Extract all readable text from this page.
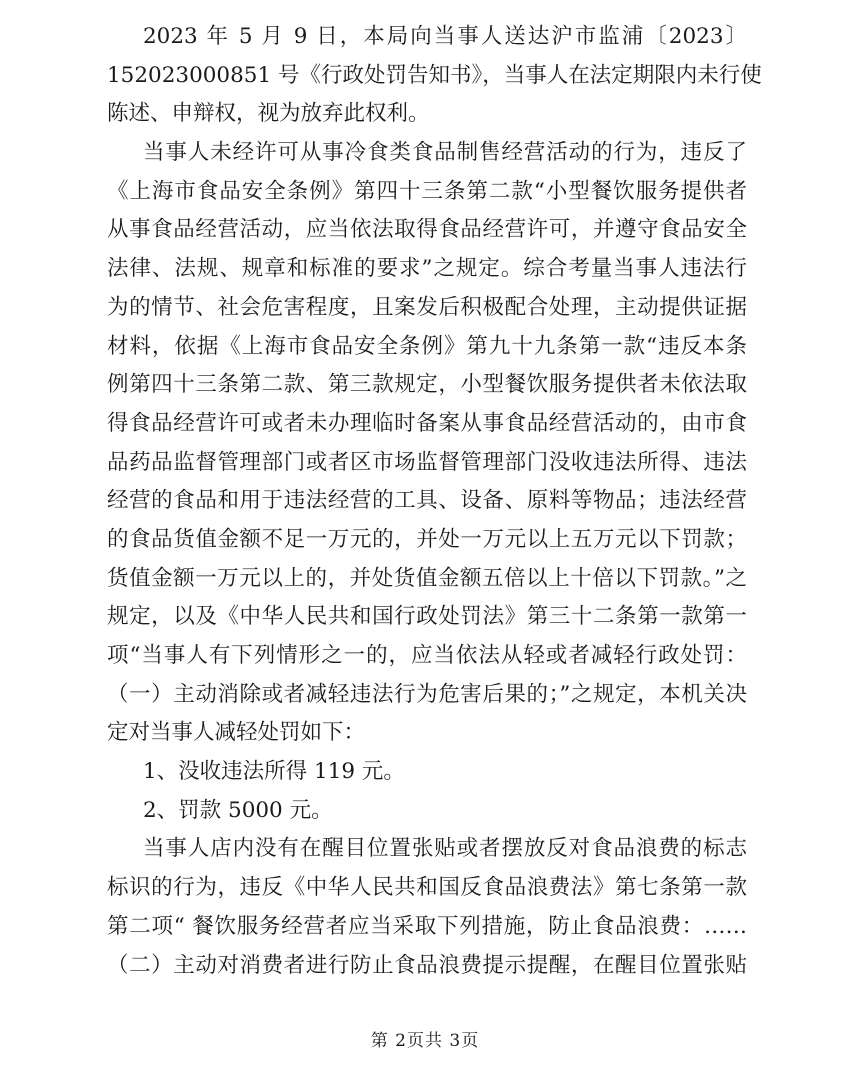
2023 年 5 月 9 日，本局向当事人送达沪市监浦〔2023〕
152023000851 号《行政处罚告知书》，当事人在法定期限内未行使
陈述、申辩权，视为放弃此权利。
当事人未经许可从事冷食类食品制售经营活动的行为，违反了
《上海市食品安全条例》第四十三条第二款“小型餐饮服务提供者
从事食品经营活动，应当依法取得食品经营许可，并遵守食品安全
法律、法规、规章和标准的要求”之规定。综合考量当事人违法行
为的情节、社会危害程度，且案发后积极配合处理，主动提供证据
材料，依据《上海市食品安全条例》第九十九条第一款“违反本条
例第四十三条第二款、第三款规定，小型餐饮服务提供者未依法取
得食品经营许可或者未办理临时备案从事食品经营活动的，由市食
品药品监督管理部门或者区市场监督管理部门没收违法所得、违法
经营的食品和用于违法经营的工具、设备、原料等物品；违法经营
的食品货值金额不足一万元的，并处一万元以上五万元以下罚款；
货值金额一万元以上的，并处货值金额五倍以上十倍以下罚款。”之
规定，以及《中华人民共和国行政处罚法》第三十二条第一款第一
项“当事人有下列情形之一的，应当依法从轻或者减轻行政处罚：
（一）主动消除或者减轻违法行为危害后果的；”之规定，本机关决
定对当事人减轻处罚如下：
1、没收违法所得 119 元。
2、罚款 5000 元。
当事人店内没有在醒目位置张贴或者摆放反对食品浪费的标志
标识的行为，违反《中华人民共和国反食品浪费法》第七条第一款
第二项“ 餐饮服务经营者应当采取下列措施，防止食品浪费：……
（二）主动对消费者进行防止食品浪费提示提醒，在醒目位置张贴
第 2页共 3页
